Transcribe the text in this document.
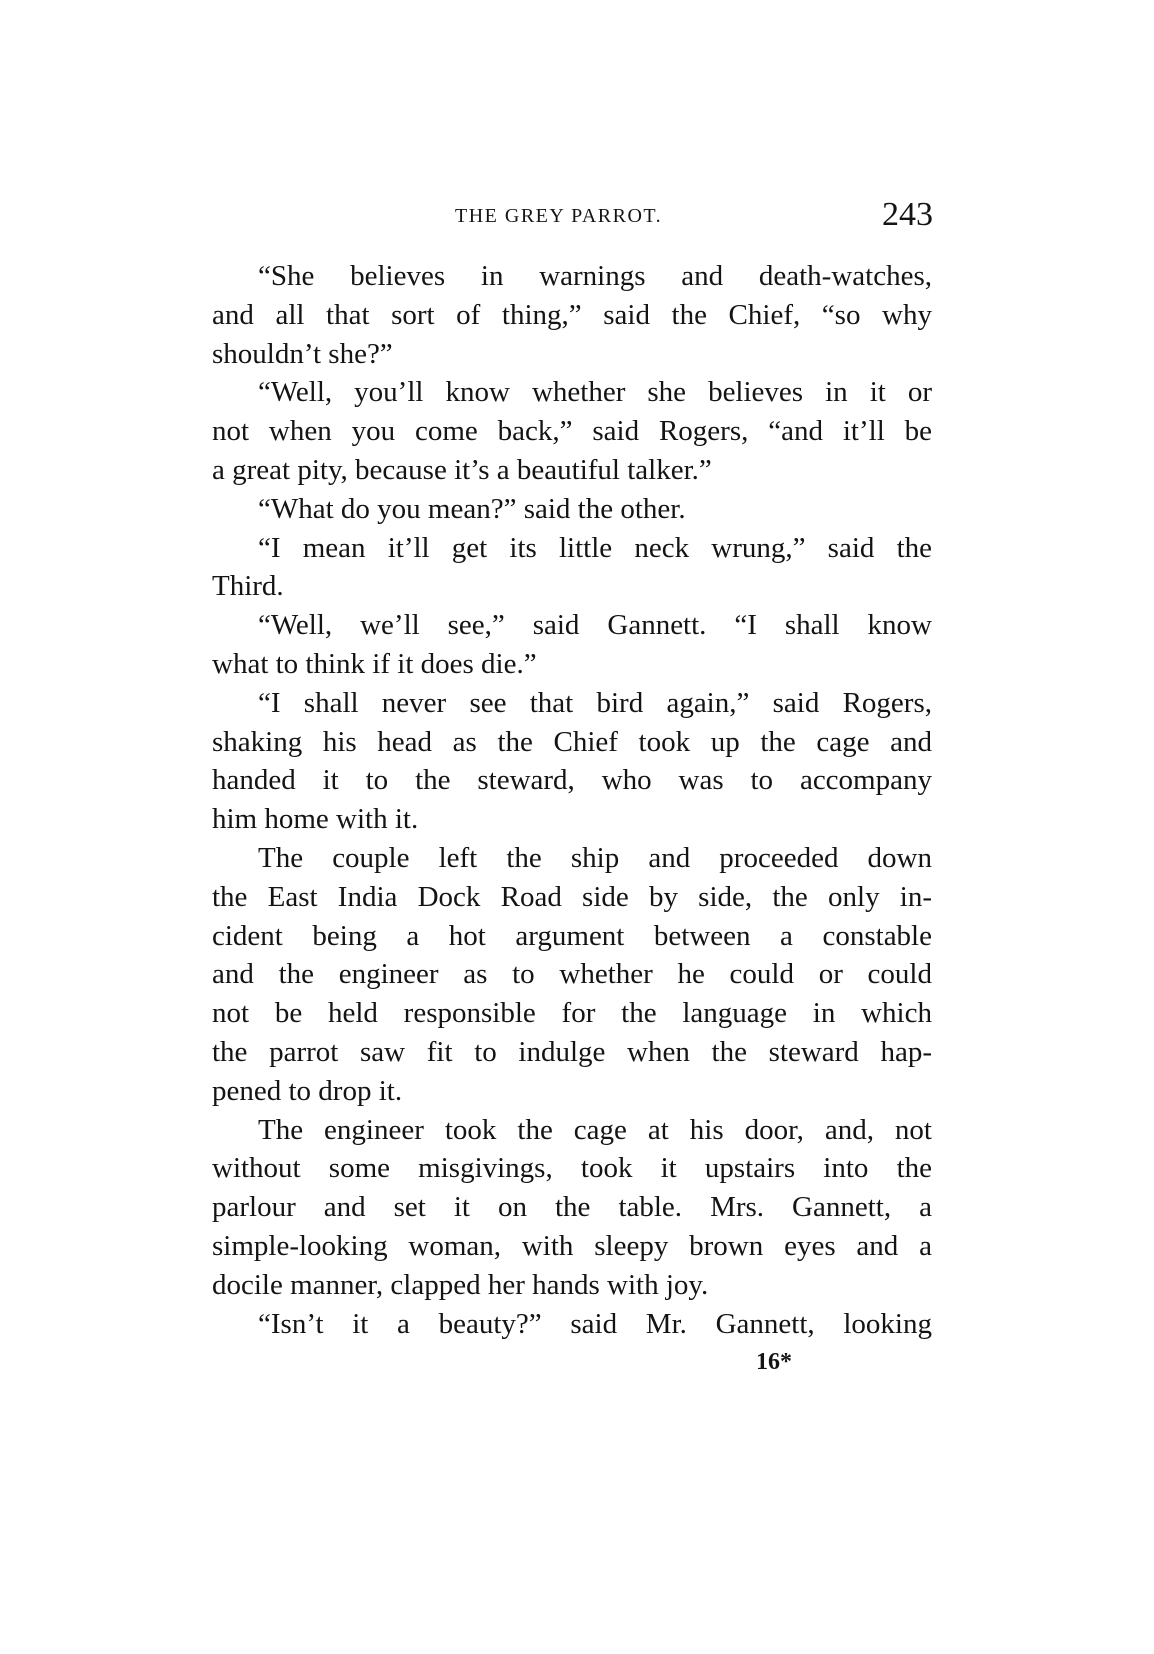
THE GREY PARROT.	243
“She believes in warnings and death-watches,
and all that sort of thing,” said the Chief, “so why
shouldn’t she?”
“Well, you’ll know whether she believes in it or
not when you come back,” said Rogers, “and it’ll be
a great pity, because it’s a beautiful talker.”
“What do you mean?” said the other.
“I mean it’ll get its little neck wrung,” said the
Third.
“Well, we’ll see,” said Gannett. “I shall know
what to think if it does die.”
“I shall never see that bird again,” said Rogers,
shaking his head as the Chief took up the cage and
handed it to the steward, who was to accompany
him home with it.
The couple left the ship and proceeded down
the East India Dock Road side by side, the only in-
cident being a hot argument between a constable
and the engineer as to whether he could or could
not be held responsible for the language in which
the parrot saw fit to indulge when the steward hap-
pened to drop it.
The engineer took the cage at his door, and, not
without some misgivings, took it upstairs into the
parlour and set it on the table. Mrs. Gannett, a
simple-looking woman, with sleepy brown eyes and a
docile manner, clapped her hands with joy.
“Isn’t it a beauty?” said Mr. Gannett, looking
16*
